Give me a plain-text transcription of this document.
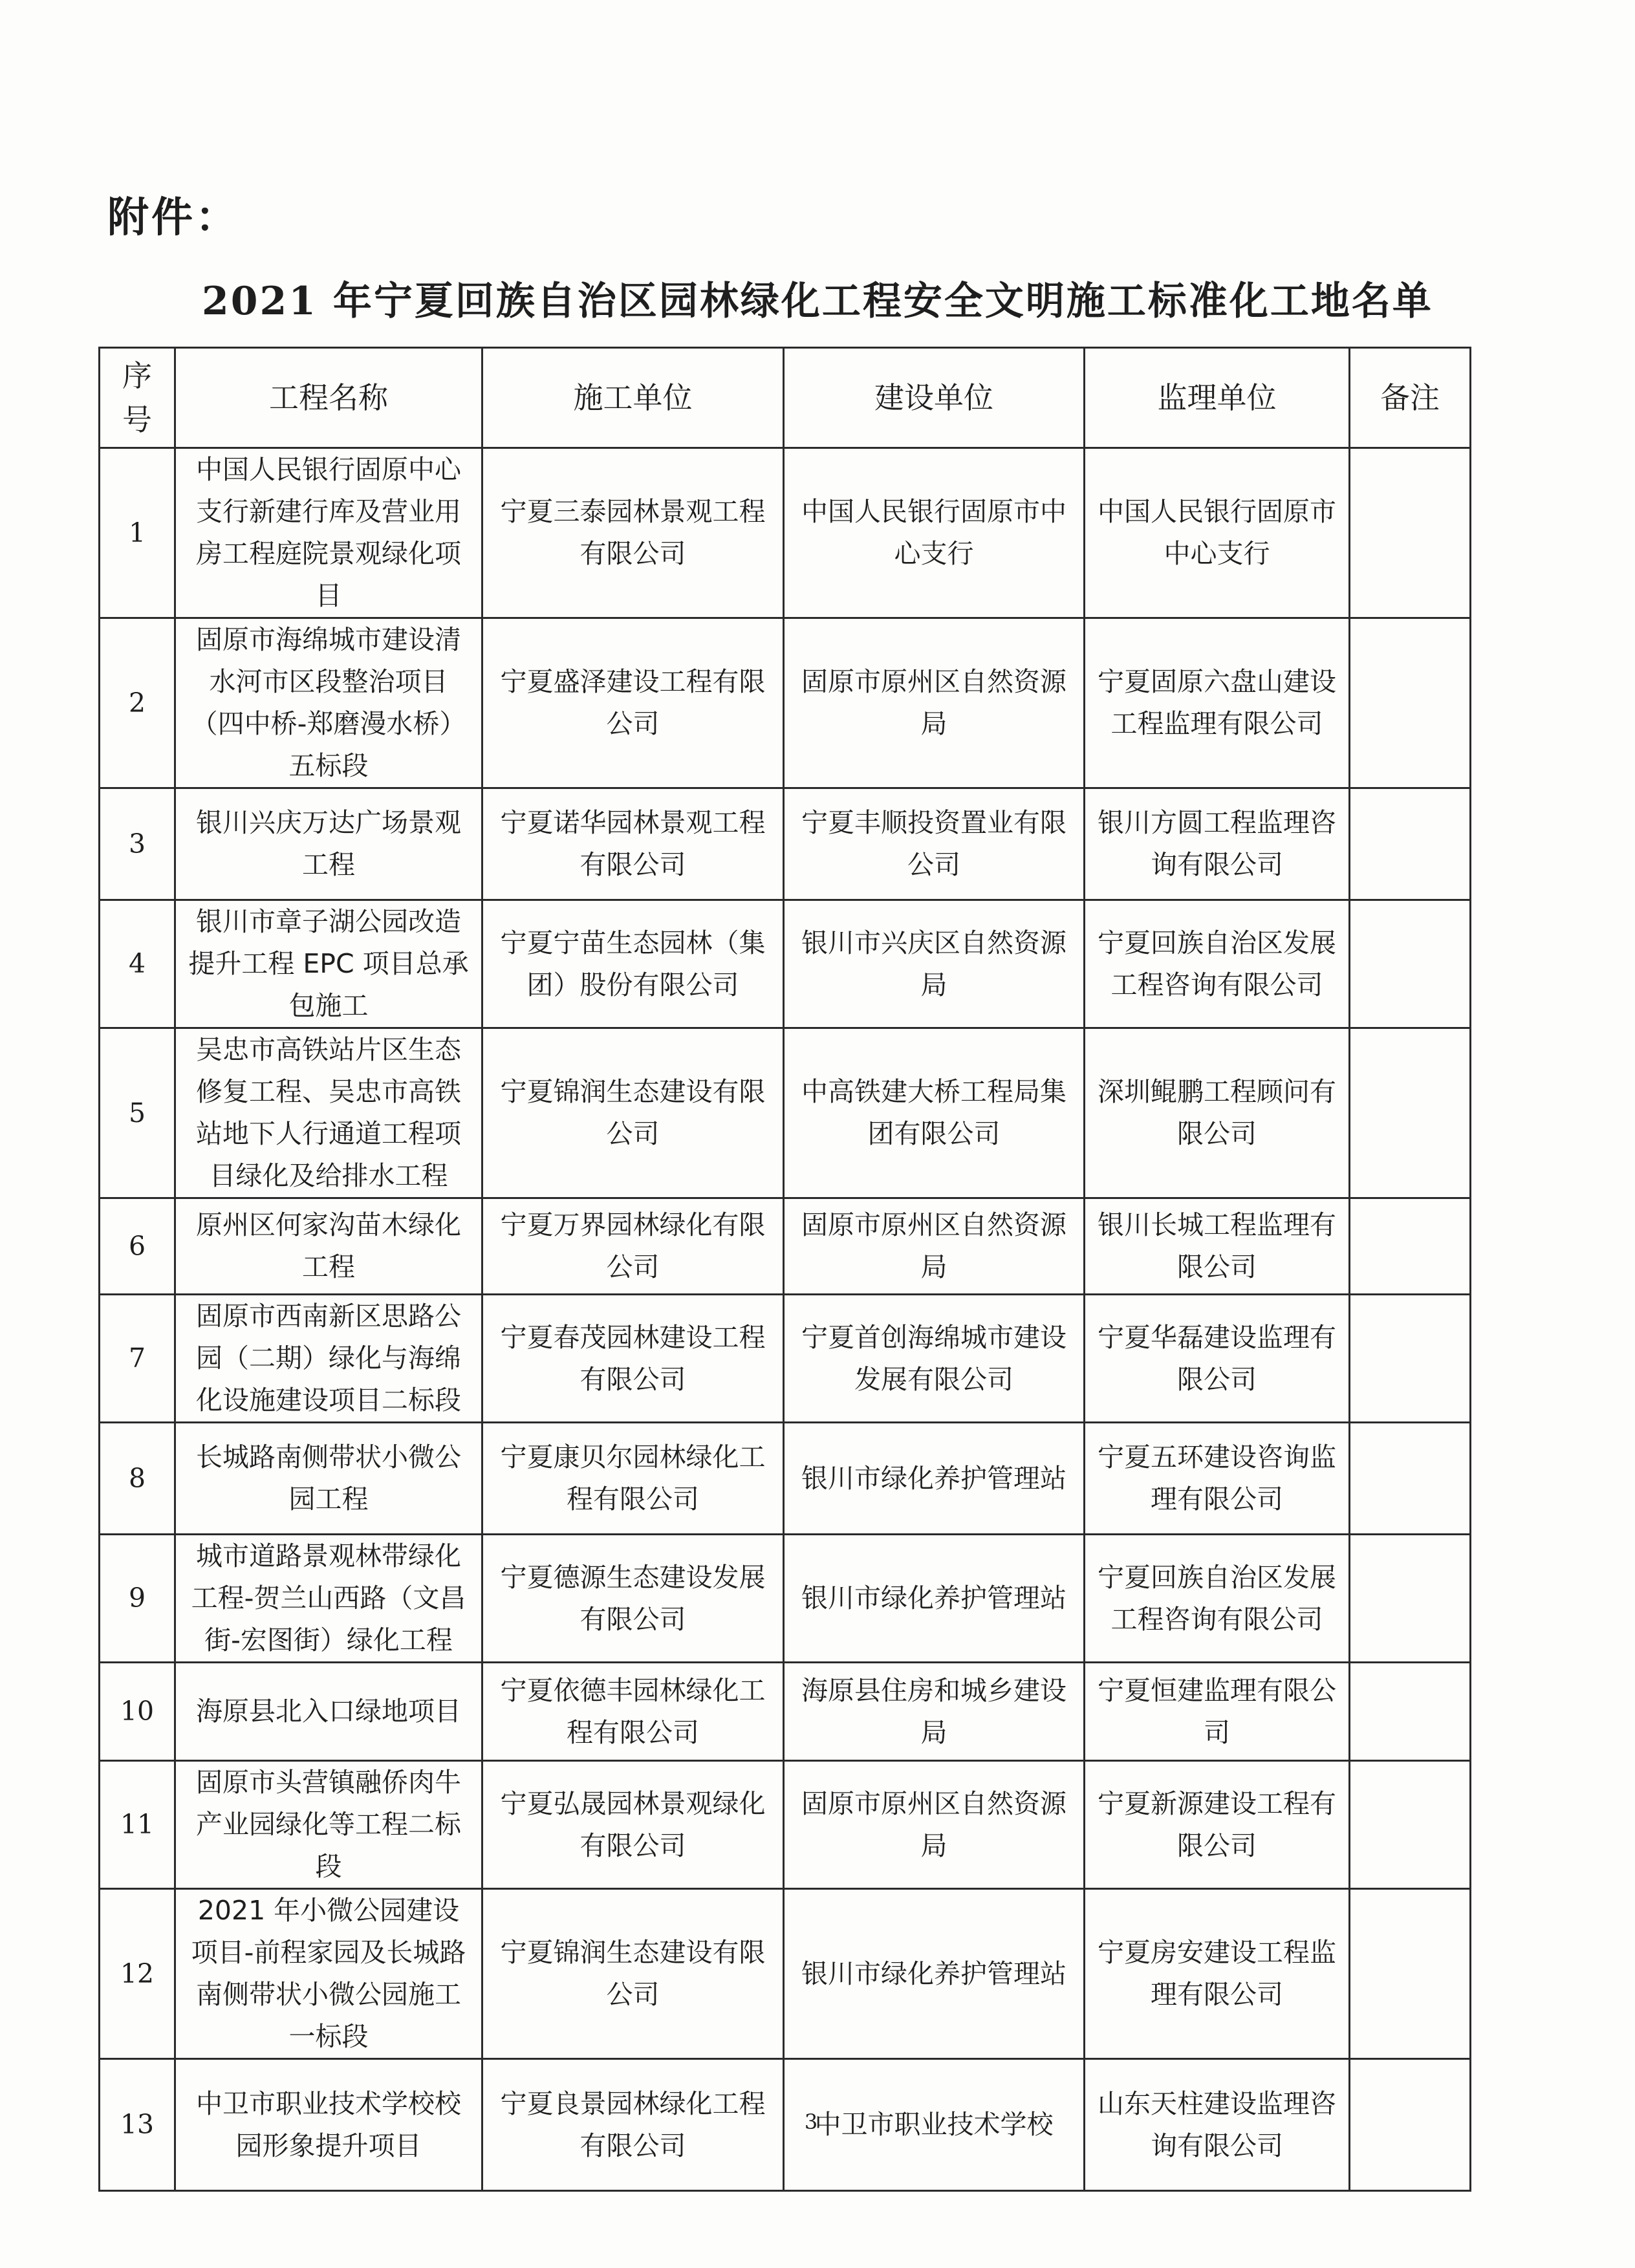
附件：
2021 年宁夏回族自治区园林绿化工程安全文明施工标准化工地名单
序号	工程名称	施工单位	建设单位	监理单位	备注
1	中国人民银行固原中心支行新建行库及营业用房工程庭院景观绿化项目	宁夏三泰园林景观工程有限公司	中国人民银行固原市中心支行	中国人民银行固原市中心支行	
2	固原市海绵城市建设清水河市区段整治项目（四中桥-郑磨漫水桥）五标段	宁夏盛泽建设工程有限公司	固原市原州区自然资源局	宁夏固原六盘山建设工程监理有限公司	
3	银川兴庆万达广场景观工程	宁夏诺华园林景观工程有限公司	宁夏丰顺投资置业有限公司	银川方圆工程监理咨询有限公司	
4	银川市章子湖公园改造提升工程 EPC 项目总承包施工	宁夏宁苗生态园林（集团）股份有限公司	银川市兴庆区自然资源局	宁夏回族自治区发展工程咨询有限公司	
5	吴忠市高铁站片区生态修复工程、吴忠市高铁站地下人行通道工程项目绿化及给排水工程	宁夏锦润生态建设有限公司	中高铁建大桥工程局集团有限公司	深圳鲲鹏工程顾问有限公司	
6	原州区何家沟苗木绿化工程	宁夏万界园林绿化有限公司	固原市原州区自然资源局	银川长城工程监理有限公司	
7	固原市西南新区思路公园（二期）绿化与海绵化设施建设项目二标段	宁夏春茂园林建设工程有限公司	宁夏首创海绵城市建设发展有限公司	宁夏华磊建设监理有限公司	
8	长城路南侧带状小微公园工程	宁夏康贝尔园林绿化工程有限公司	银川市绿化养护管理站	宁夏五环建设咨询监理有限公司	
9	城市道路景观林带绿化工程-贺兰山西路（文昌街-宏图街）绿化工程	宁夏德源生态建设发展有限公司	银川市绿化养护管理站	宁夏回族自治区发展工程咨询有限公司	
10	海原县北入口绿地项目	宁夏依德丰园林绿化工程有限公司	海原县住房和城乡建设局	宁夏恒建监理有限公司	
11	固原市头营镇融侨肉牛产业园绿化等工程二标段	宁夏弘晟园林景观绿化有限公司	固原市原州区自然资源局	宁夏新源建设工程有限公司	
12	2021 年小微公园建设项目-前程家园及长城路南侧带状小微公园施工一标段	宁夏锦润生态建设有限公司	银川市绿化养护管理站	宁夏房安建设工程监理有限公司	
13	中卫市职业技术学校校园形象提升项目	宁夏良景园林绿化工程有限公司	中卫市职业技术学校	山东天柱建设监理咨询有限公司	
3
